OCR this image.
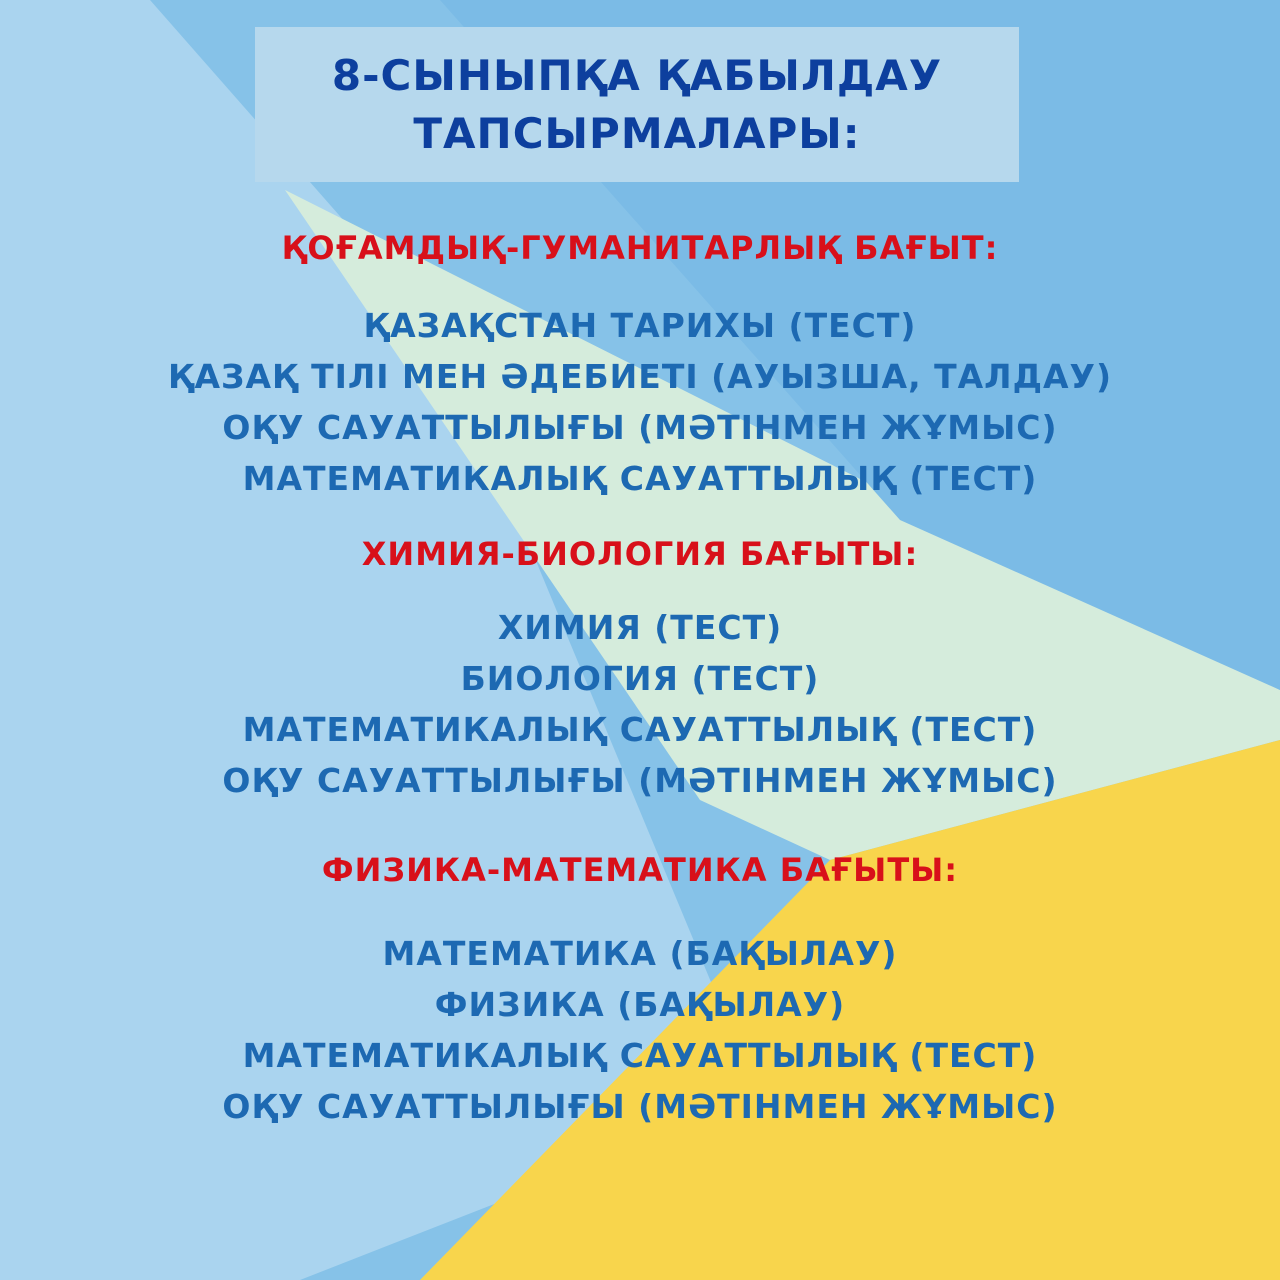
8-СЫНЫПҚА ҚАБЫЛДАУ
ТАПСЫРМАЛАРЫ:
ҚОҒАМДЫҚ-ГУМАНИТАРЛЫҚ БАҒЫТ:
ҚАЗАҚСТАН ТАРИХЫ (ТЕСТ)
ҚАЗАҚ ТІЛІ МЕН ӘДЕБИЕТІ (АУЫЗША, ТАЛДАУ)
ОҚУ САУАТТЫЛЫҒЫ (МӘТІНМЕН ЖҰМЫС)
МАТЕМАТИКАЛЫҚ САУАТТЫЛЫҚ (ТЕСТ)
ХИМИЯ-БИОЛОГИЯ БАҒЫТЫ:
ХИМИЯ (ТЕСТ)
БИОЛОГИЯ (ТЕСТ)
МАТЕМАТИКАЛЫҚ САУАТТЫЛЫҚ (ТЕСТ)
ОҚУ САУАТТЫЛЫҒЫ (МӘТІНМЕН ЖҰМЫС)
ФИЗИКА-МАТЕМАТИКА БАҒЫТЫ:
МАТЕМАТИКА (БАҚЫЛАУ)
ФИЗИКА (БАҚЫЛАУ)
МАТЕМАТИКАЛЫҚ САУАТТЫЛЫҚ (ТЕСТ)
ОҚУ САУАТТЫЛЫҒЫ (МӘТІНМЕН ЖҰМЫС)
